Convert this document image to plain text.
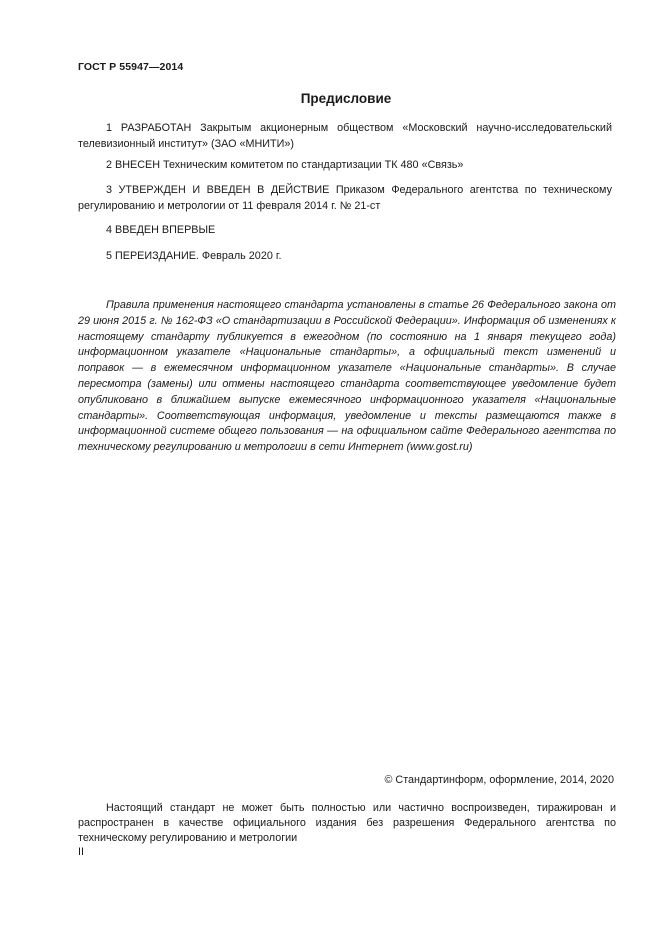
ГОСТ Р 55947—2014
Предисловие

1 РАЗРАБОТАН Закрытым акционерным обществом «Московский научно-исследовательский телевизионный институт» (ЗАО «МНИТИ»)

2 ВНЕСЕН Техническим комитетом по стандартизации ТК 480 «Связь»

3 УТВЕРЖДЕН И ВВЕДЕН В ДЕЙСТВИЕ Приказом Федерального агентства по техническому регулированию и метрологии от 11 февраля 2014 г. № 21-ст

4 ВВЕДЕН ВПЕРВЫЕ

5 ПЕРЕИЗДАНИЕ. Февраль 2020 г.

Правила применения настоящего стандарта установлены в статье 26 Федерального закона от 29 июня 2015 г. № 162-ФЗ «О стандартизации в Российской Федерации». Информация об изменениях к настоящему стандарту публикуется в ежегодном (по состоянию на 1 января текущего года) информационном указателе «Национальные стандарты», а официальный текст изменений и поправок — в ежемесячном информационном указателе «Национальные стандарты». В случае пересмотра (замены) или отмены настоящего стандарта соответствующее уведомление будет опубликовано в ближайшем выпуске ежемесячного информационного указателя «Национальные стандарты». Соответствующая информация, уведомление и тексты размещаются также в информационной системе общего пользования — на официальном сайте Федерального агентства по техническому регулированию и метрологии в сети Интернет (www.gost.ru)

© Стандартинформ, оформление, 2014, 2020

Настоящий стандарт не может быть полностью или частично воспроизведен, тиражирован и распространен в качестве официального издания без разрешения Федерального агентства по техническому регулированию и метрологии

II
